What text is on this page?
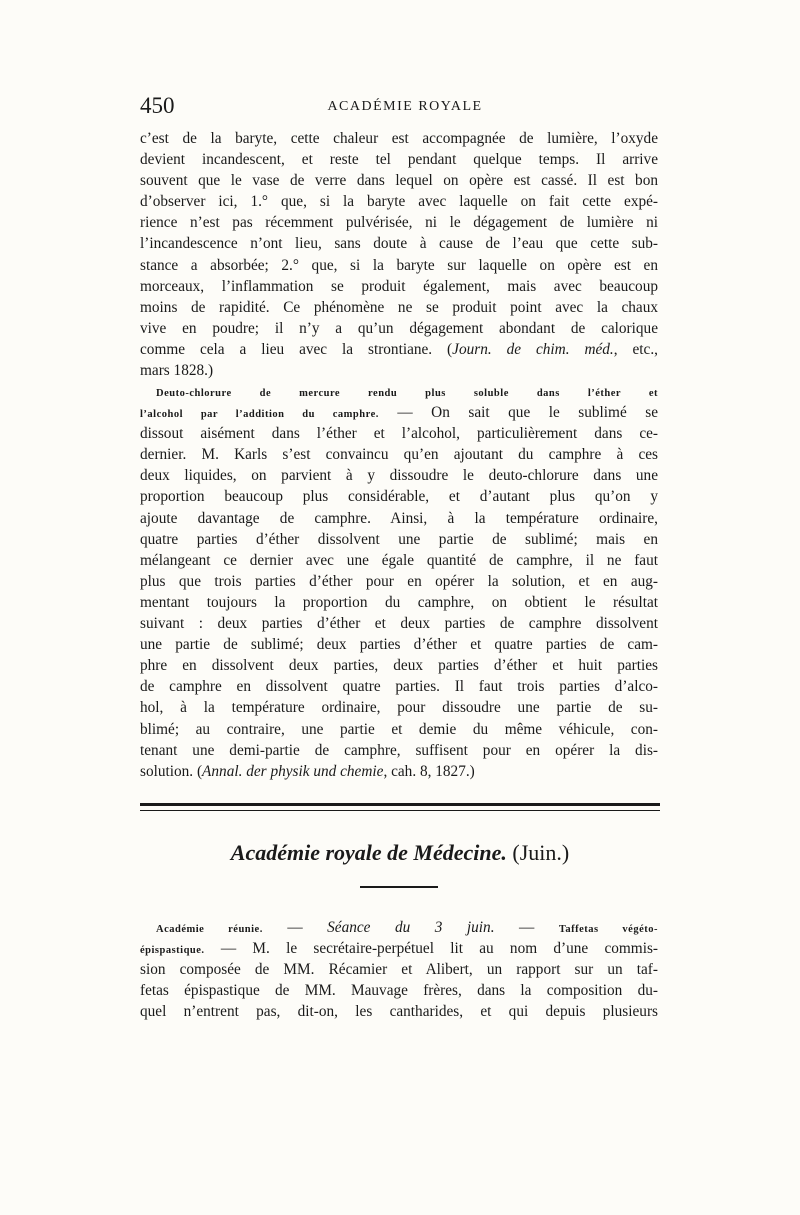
450	ACADÉMIE ROYALE
c’est de la baryte, cette chaleur est accompagnée de lumière, l’oxyde
devient incandescent, et reste tel pendant quelque temps. Il arrive
souvent que le vase de verre dans lequel on opère est cassé. Il est bon
d’observer ici, 1.° que, si la baryte avec laquelle on fait cette expé-
rience n’est pas récemment pulvérisée, ni le dégagement de lumière ni
l’incandescence n’ont lieu, sans doute à cause de l’eau que cette sub-
stance a absorbée; 2.° que, si la baryte sur laquelle on opère est en
morceaux, l’inflammation se produit également, mais avec beaucoup
moins de rapidité. Ce phénomène ne se produit point avec la chaux
vive en poudre; il n’y a qu’un dégagement abondant de calorique
comme cela a lieu avec la strontiane. (Journ. de chim. méd., etc.,
mars 1828.)
Deuto-chlorure de mercure rendu plus soluble dans l’éther et
l’alcohol par l’addition du camphre. — On sait que le sublimé se
dissout aisément dans l’éther et l’alcohol, particulièrement dans ce-
dernier. M. Karls s’est convaincu qu’en ajoutant du camphre à ces
deux liquides, on parvient à y dissoudre le deuto-chlorure dans une
proportion beaucoup plus considérable, et d’autant plus qu’on y
ajoute davantage de camphre. Ainsi, à la température ordinaire,
quatre parties d’éther dissolvent une partie de sublimé; mais en
mélangeant ce dernier avec une égale quantité de camphre, il ne faut
plus que trois parties d’éther pour en opérer la solution, et en aug-
mentant toujours la proportion du camphre, on obtient le résultat
suivant : deux parties d’éther et deux parties de camphre dissolvent
une partie de sublimé; deux parties d’éther et quatre parties de cam-
phre en dissolvent deux parties, deux parties d’éther et huit parties
de camphre en dissolvent quatre parties. Il faut trois parties d’alco-
hol, à la température ordinaire, pour dissoudre une partie de su-
blimé; au contraire, une partie et demie du même véhicule, con-
tenant une demi-partie de camphre, suffisent pour en opérer la dis-
solution. (Annal. der physik und chemie, cah. 8, 1827.)
Académie royale de Médecine. (Juin.)
Académie réunie. — Séance du 3 juin. — Taffetas végéto-
épispastique. — M. le secrétaire-perpétuel lit au nom d’une commis-
sion composée de MM. Récamier et Alibert, un rapport sur un taf-
fetas épispastique de MM. Mauvage frères, dans la composition du-
quel n’entrent pas, dit-on, les cantharides, et qui depuis plusieurs
